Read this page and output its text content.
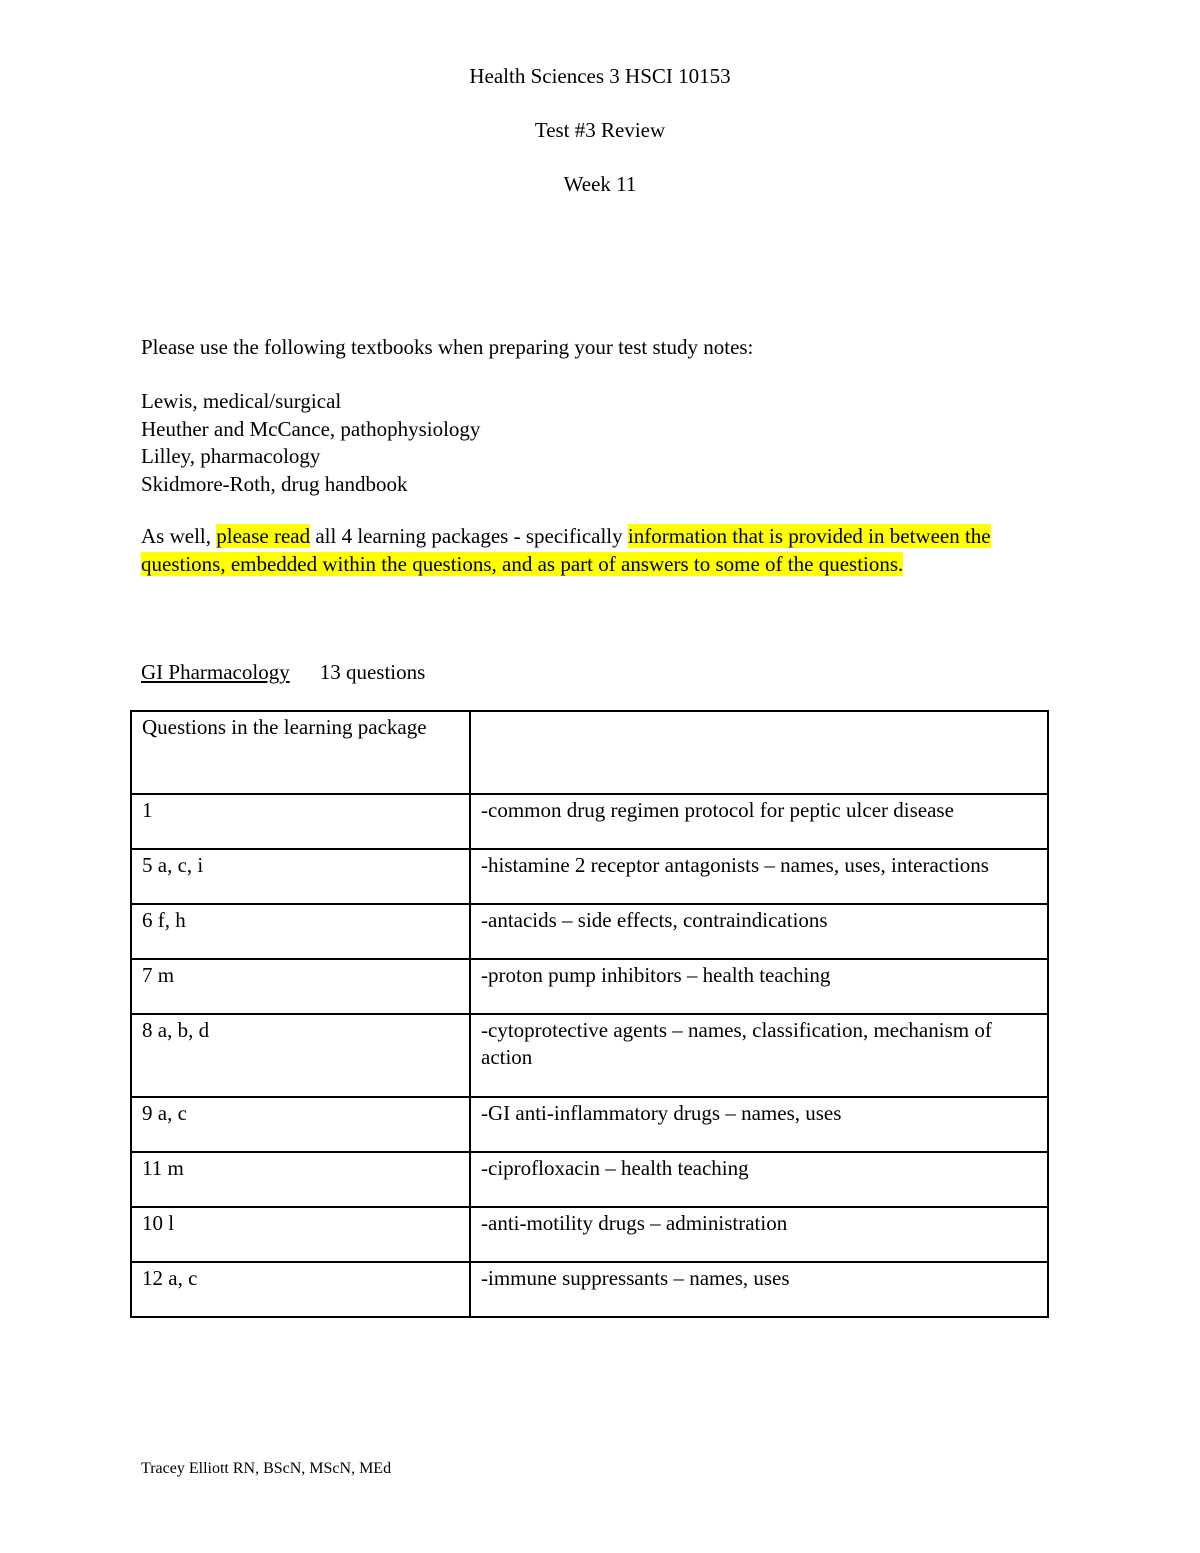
Health Sciences 3 HSCI 10153
Test #3 Review
Week 11

Please use the following textbooks when preparing your test study notes:

Lewis, medical/surgical

Heuther and McCance, pathophysiology

Lilley, pharmacology

Skidmore-Roth, drug handbook

As well, please read all 4 learning packages - specifically information that is provided in between the questions, embedded within the questions, and as part of answers to some of the questions.

GI Pharmacology 13 questions
Questions in the learning package	
1	-common drug regimen protocol for peptic ulcer disease
5 a, c, i	-histamine 2 receptor antagonists – names, uses, interactions
6 f, h	-antacids – side effects, contraindications
7 m	-proton pump inhibitors – health teaching
8 a, b, d	-cytoprotective agents – names, classification, mechanism of action
9 a, c	-GI anti-inflammatory drugs – names, uses
11 m	-ciprofloxacin – health teaching
10 l	-anti-motility drugs – administration
12 a, c	-immune suppressants – names, uses
Tracey Elliott RN, BScN, MScN, MEd
